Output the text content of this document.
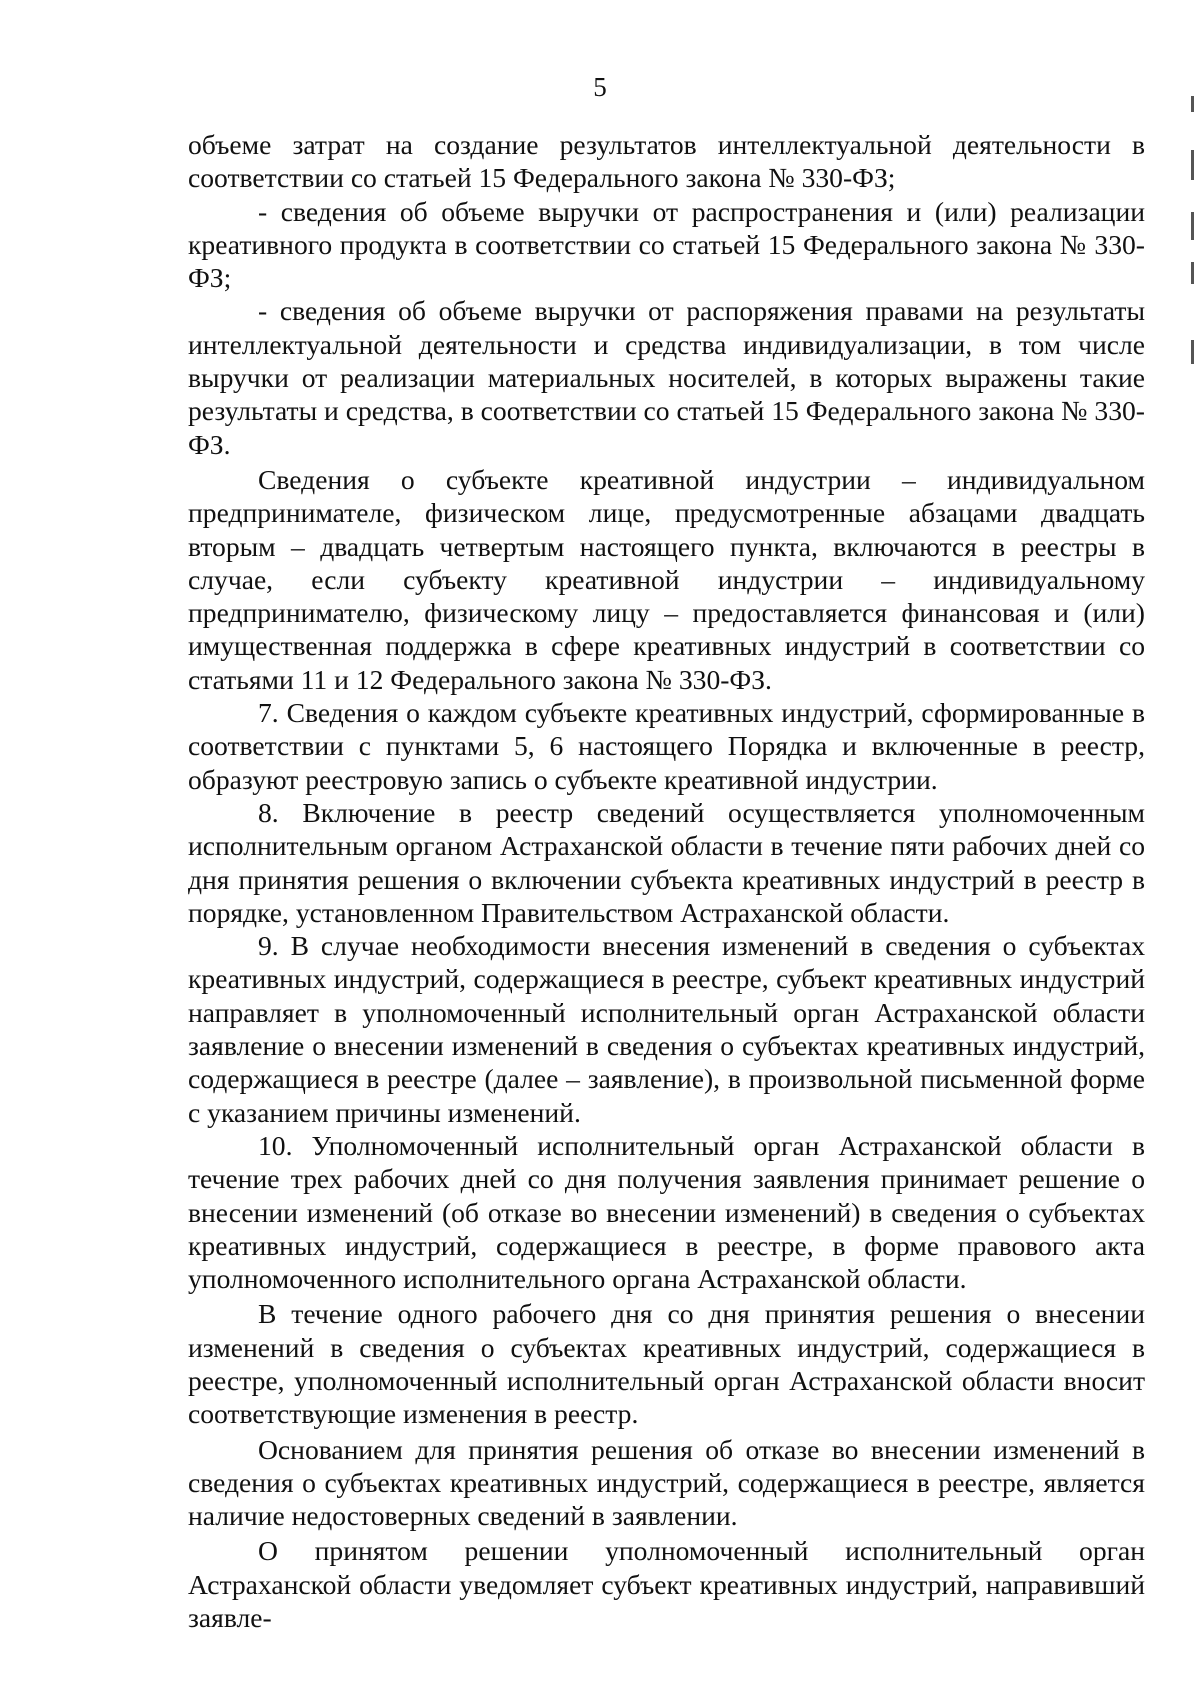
5

объеме затрат на создание результатов интеллектуальной деятельности в соответствии со статьей 15 Федерального закона № 330-ФЗ;

- сведения об объеме выручки от распространения и (или) реализации креативного продукта в соответствии со статьей 15 Федерального закона № 330-ФЗ;

- сведения об объеме выручки от распоряжения правами на результаты интеллектуальной деятельности и средства индивидуализации, в том числе выручки от реализации материальных носителей, в которых выражены такие результаты и средства, в соответствии со статьей 15 Федерального закона № 330-ФЗ.

Сведения о субъекте креативной индустрии – индивидуальном предпринимателе, физическом лице, предусмотренные абзацами двадцать вторым – двадцать четвертым настоящего пункта, включаются в реестры в случае, если субъекту креативной индустрии – индивидуальному предпринимателю, физическому лицу – предоставляется финансовая и (или) имущественная поддержка в сфере креативных индустрий в соответствии со статьями 11 и 12 Федерального закона № 330-ФЗ.

7. Сведения о каждом субъекте креативных индустрий, сформированные в соответствии с пунктами 5, 6 настоящего Порядка и включенные в реестр, образуют реестровую запись о субъекте креативной индустрии.

8. Включение в реестр сведений осуществляется уполномоченным исполнительным органом Астраханской области в течение пяти рабочих дней со дня принятия решения о включении субъекта креативных индустрий в реестр в порядке, установленном Правительством Астраханской области.

9. В случае необходимости внесения изменений в сведения о субъектах креативных индустрий, содержащиеся в реестре, субъект креативных индустрий направляет в уполномоченный исполнительный орган Астраханской области заявление о внесении изменений в сведения о субъектах креативных индустрий, содержащиеся в реестре (далее – заявление), в произвольной письменной форме с указанием причины изменений.

10. Уполномоченный исполнительный орган Астраханской области в течение трех рабочих дней со дня получения заявления принимает решение о внесении изменений (об отказе во внесении изменений) в сведения о субъектах креативных индустрий, содержащиеся в реестре, в форме правового акта уполномоченного исполнительного органа Астраханской области.

В течение одного рабочего дня со дня принятия решения о внесении изменений в сведения о субъектах креативных индустрий, содержащиеся в реестре, уполномоченный исполнительный орган Астраханской области вносит соответствующие изменения в реестр.

Основанием для принятия решения об отказе во внесении изменений в сведения о субъектах креативных индустрий, содержащиеся в реестре, является наличие недостоверных сведений в заявлении.

О принятом решении уполномоченный исполнительный орган Астраханской области уведомляет субъект креативных индустрий, направивший заявле-
